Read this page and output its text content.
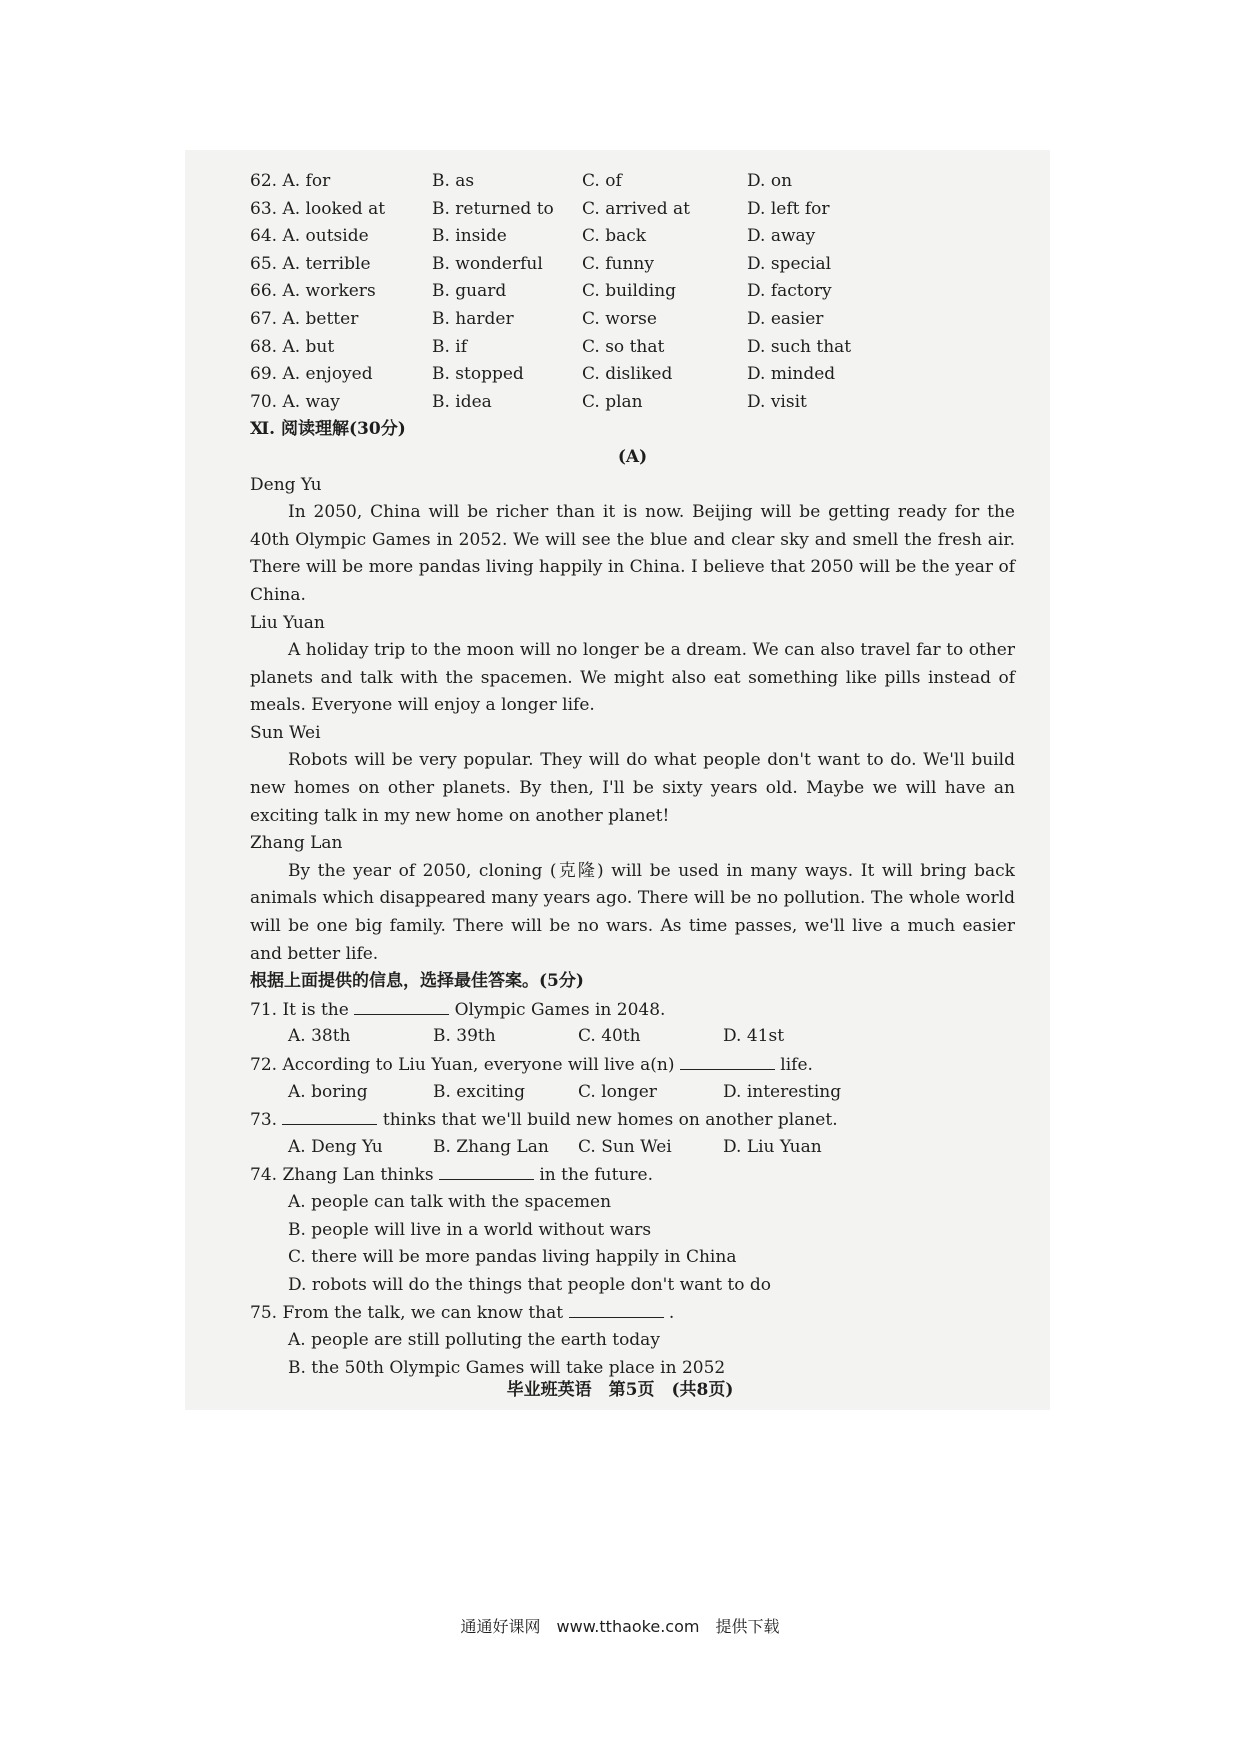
62. A. for	B. as	C. of	D. on
63. A. looked at	B. returned to	C. arrived at	D. left for
64. A. outside	B. inside	C. back	D. away
65. A. terrible	B. wonderful	C. funny	D. special
66. A. workers	B. guard	C. building	D. factory
67. A. better	B. harder	C. worse	D. easier
68. A. but	B. if	C. so that	D. such that
69. A. enjoyed	B. stopped	C. disliked	D. minded
70. A. way	B. idea	C. plan	D. visit
Ⅺ. 阅读理解(30分)
(A)
Deng Yu

In 2050, China will be richer than it is now. Beijing will be getting ready for the 40th Olympic Games in 2052. We will see the blue and clear sky and smell the fresh air. There will be more pandas living happily in China. I believe that 2050 will be the year of China.

Liu Yuan

A holiday trip to the moon will no longer be a dream. We can also travel far to other planets and talk with the spacemen. We might also eat something like pills instead of meals. Everyone will enjoy a longer life.

Sun Wei

Robots will be very popular. They will do what people don't want to do. We'll build new homes on other planets. By then, I'll be sixty years old. Maybe we will have an exciting talk in my new home on another planet!

Zhang Lan

By the year of 2050, cloning (克隆) will be used in many ways. It will bring back animals which disappeared many years ago. There will be no pollution. The whole world will be one big family. There will be no wars. As time passes, we'll live a much easier and better life.

根据上面提供的信息，选择最佳答案。(5分)
71. It is the	Olympic Games in 2048.
A. 38th	B. 39th	C. 40th	D. 41st
72. According to Liu Yuan, everyone will live a(n)	life.
A. boring	B. exciting	C. longer	D. interesting
73.	thinks that we'll build new homes on another planet.
A. Deng Yu	B. Zhang Lan	C. Sun Wei	D. Liu Yuan
74. Zhang Lan thinks	in the future.
A. people can talk with the spacemen
B. people will live in a world without wars
C. there will be more pandas living happily in China
D. robots will do the things that people don't want to do
75. From the talk, we can know that	.
A. people are still polluting the earth today
B. the 50th Olympic Games will take place in 2052
毕业班英语　第5页　(共8页)
通通好课网　www.tthaoke.com　提供下载
